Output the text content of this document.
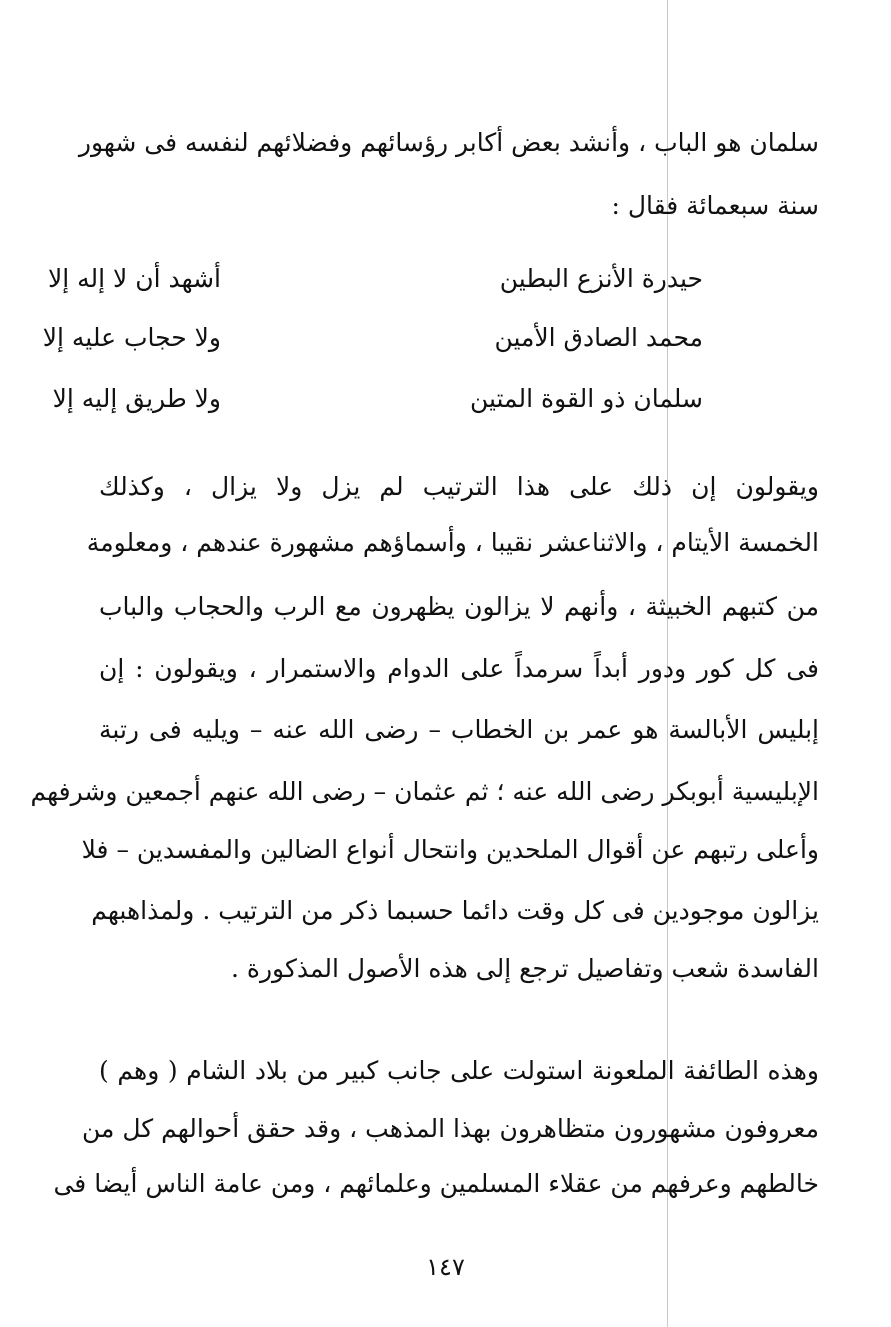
سلمان هو الباب ، وأنشد بعض أكابر رؤسائهم وفضلائهم لنفسه فى شهور
سنة سبعمائة فقال :
أشهد أن لا إله إلا	حيدرة الأنزع البطين
ولا حجاب عليه إلا	محمد الصادق الأمين
ولا طريق إليه إلا	سلمان ذو القوة المتين
ويقولون إن ذلك على هذا الترتيب لم يزل ولا يزال ، وكذلك
الخمسة الأيتام ، والاثناعشر نقيبا ، وأسماؤهم مشهورة عندهم ، ومعلومة
من كتبهم الخبيثة ، وأنهم لا يزالون يظهرون مع الرب والحجاب والباب
فى كل كور ودور أبداً سرمداً على الدوام والاستمرار ، ويقولون : إن
إبليس الأبالسة هو عمر بن الخطاب – رضى الله عنه – ويليه فى رتبة
الإبليسية أبوبكر رضى الله عنه ؛ ثم عثمان – رضى الله عنهم أجمعين وشرفهم
وأعلى رتبهم عن أقوال الملحدين وانتحال أنواع الضالين والمفسدين – فلا
يزالون موجودين فى كل وقت دائما حسبما ذكر من الترتيب . ولمذاهبهم
الفاسدة شعب وتفاصيل ترجع إلى هذه الأصول المذكورة .
وهذه الطائفة الملعونة استولت على جانب كبير من بلاد الشام ( وهم )
معروفون مشهورون متظاهرون بهذا المذهب ، وقد حقق أحوالهم كل من
خالطهم وعرفهم من عقلاء المسلمين وعلمائهم ، ومن عامة الناس أيضا فى
١٤٧
